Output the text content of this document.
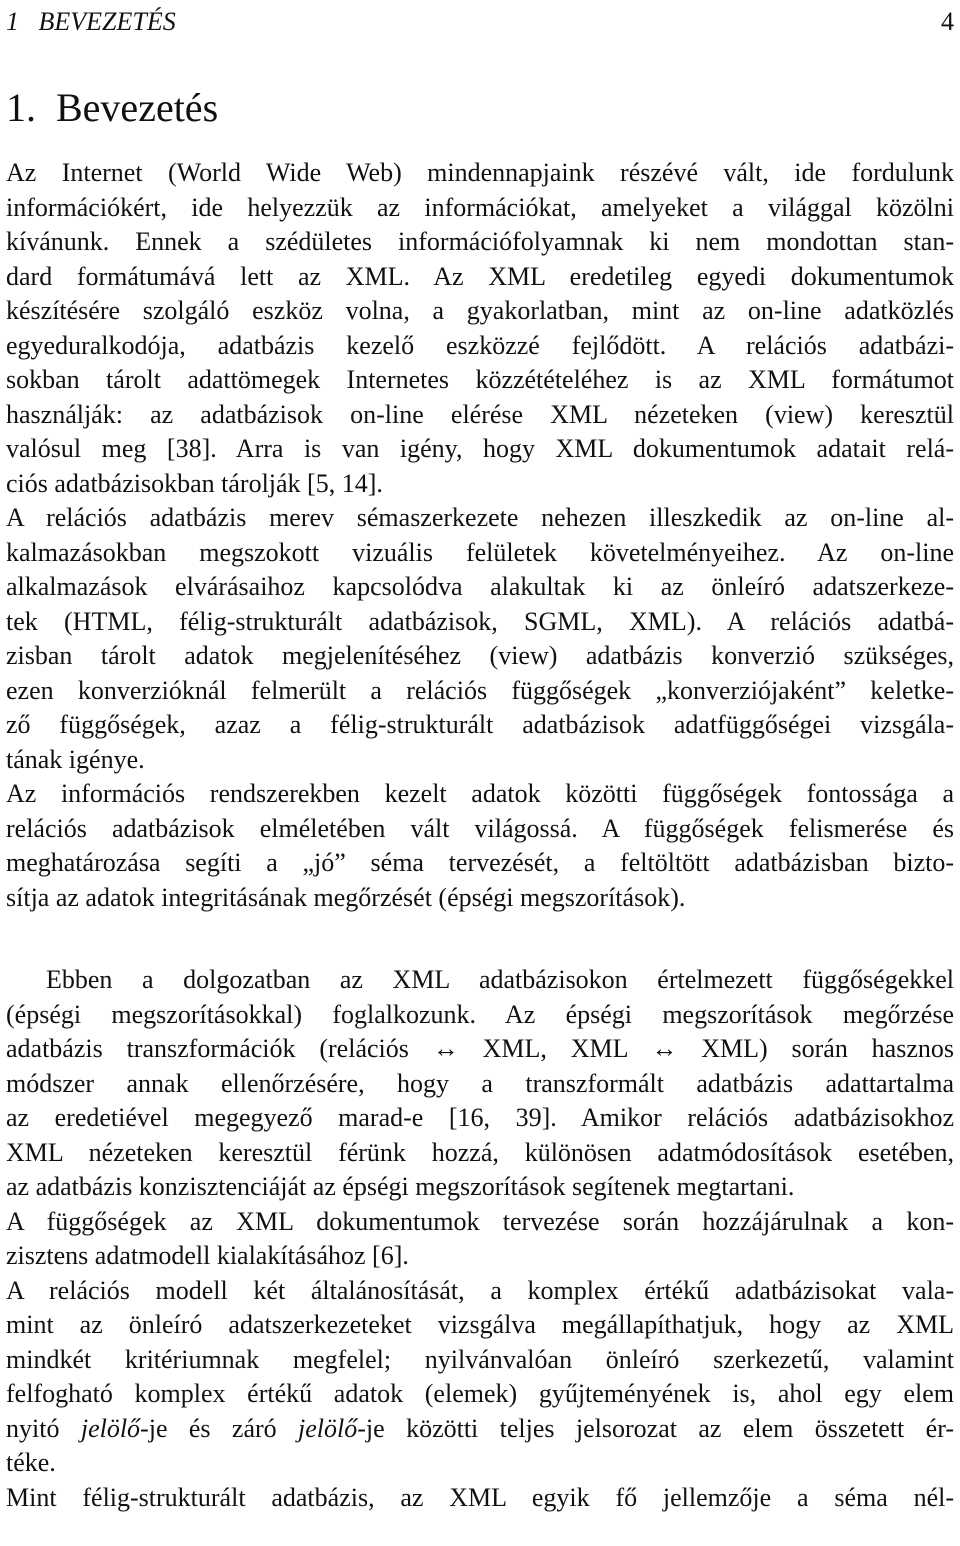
1   BEVEZETÉS	4
1.  Bevezetés
Az Internet (World Wide Web) mindennapjaink részévé vált, ide fordulunk
információkért, ide helyezzük az információkat, amelyeket a világgal közölni
kívánunk. Ennek a szédületes információfolyamnak ki nem mondottan stan-
dard formátumává lett az XML. Az XML eredetileg egyedi dokumentumok
készítésére szolgáló eszköz volna, a gyakorlatban, mint az on-line adatközlés
egyeduralkodója, adatbázis kezelő eszközzé fejlődött. A relációs adatbázi-
sokban tárolt adattömegek Internetes közzétételéhez is az XML formátumot
használják: az adatbázisok on-line elérése XML nézeteken (view) keresztül
valósul meg [38]. Arra is van igény, hogy XML dokumentumok adatait relá-
ciós adatbázisokban tárolják [5, 14].
A relációs adatbázis merev sémaszerkezete nehezen illeszkedik az on-line al-
kalmazásokban megszokott vizuális felületek követelményeihez. Az on-line
alkalmazások elvárásaihoz kapcsolódva alakultak ki az önleíró adatszerkeze-
tek (HTML, félig-strukturált adatbázisok, SGML, XML). A relációs adatbá-
zisban tárolt adatok megjelenítéséhez (view) adatbázis konverzió szükséges,
ezen konverzióknál felmerült a relációs függőségek „konverziójaként” keletke-
ző függőségek, azaz a félig-strukturált adatbázisok adatfüggőségei vizsgála-
tának igénye.
Az információs rendszerekben kezelt adatok közötti függőségek fontossága a
relációs adatbázisok elméletében vált világossá. A függőségek felismerése és
meghatározása segíti a „jó” séma tervezését, a feltöltött adatbázisban bizto-
sítja az adatok integritásának megőrzését (épségi megszorítások).
Ebben a dolgozatban az XML adatbázisokon értelmezett függőségekkel
(épségi megszorításokkal) foglalkozunk. Az épségi megszorítások megőrzése
adatbázis transzformációk (relációs ↔ XML, XML ↔ XML) során hasznos
módszer annak ellenőrzésére, hogy a transzformált adatbázis adattartalma
az eredetiével megegyező marad-e [16, 39]. Amikor relációs adatbázisokhoz
XML nézeteken keresztül férünk hozzá, különösen adatmódosítások esetében,
az adatbázis konzisztenciáját az épségi megszorítások segítenek megtartani.
A függőségek az XML dokumentumok tervezése során hozzájárulnak a kon-
zisztens adatmodell kialakításához [6].
A relációs modell két általánosítását, a komplex értékű adatbázisokat vala-
mint az önleíró adatszerkezeteket vizsgálva megállapíthatjuk, hogy az XML
mindkét kritériumnak megfelel; nyilvánvalóan önleíró szerkezetű, valamint
felfogható komplex értékű adatok (elemek) gyűjteményének is, ahol egy elem
nyitó jelölő-je és záró jelölő-je közötti teljes jelsorozat az elem összetett ér-
téke.
Mint félig-strukturált adatbázis, az XML egyik fő jellemzője a séma nél-
